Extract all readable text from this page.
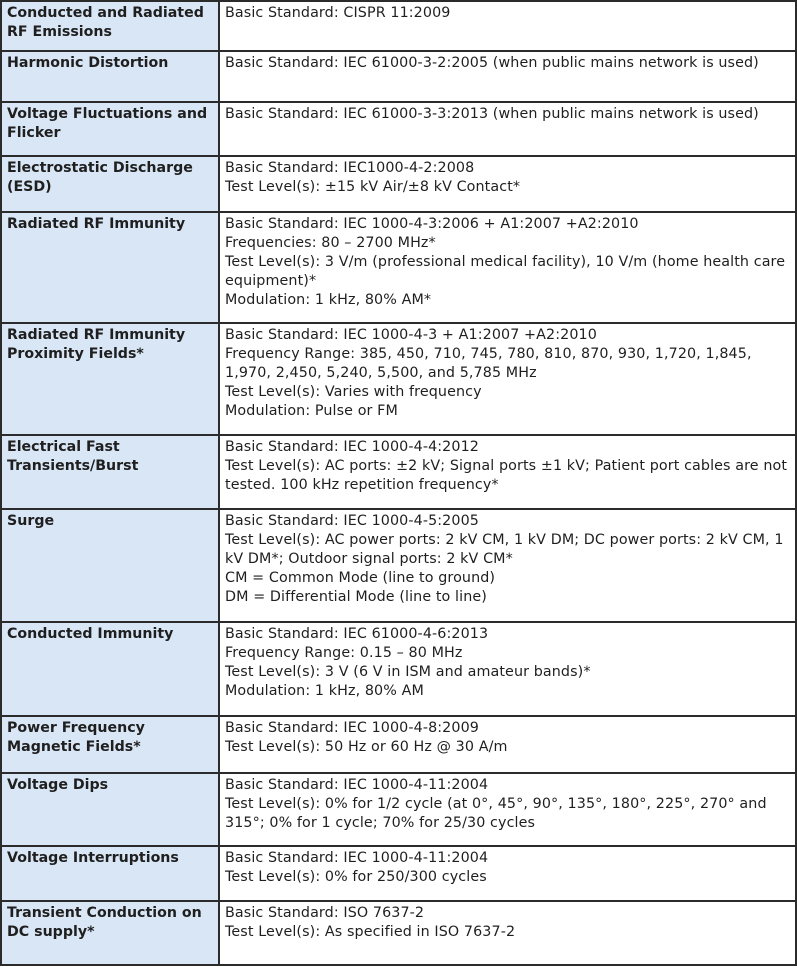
Conducted and Radiated RF Emissions	Basic Standard: CISPR 11:2009

Harmonic Distortion	Basic Standard: IEC 61000-3-2:2005 (when public mains network is used)

Voltage Fluctuations and Flicker	Basic Standard: IEC 61000-3-3:2013 (when public mains network is used)

Electrostatic Discharge (ESD)	Basic Standard: IEC1000-4-2:2008
Test Level(s): ±15 kV Air/±8 kV Contact*

Radiated RF Immunity	Basic Standard: IEC 1000-4-3:2006 + A1:2007 +A2:2010
Frequencies: 80 – 2700 MHz*
Test Level(s): 3 V/m (professional medical facility), 10 V/m (home health care equipment)*
Modulation: 1 kHz, 80% AM*

Radiated RF Immunity Proximity Fields*	Basic Standard: IEC 1000-4-3 + A1:2007 +A2:2010
Frequency Range: 385, 450, 710, 745, 780, 810, 870, 930, 1,720, 1,845, 1,970, 2,450, 5,240, 5,500, and 5,785 MHz
Test Level(s): Varies with frequency
Modulation: Pulse or FM

Electrical Fast Transients/Burst	Basic Standard: IEC 1000-4-4:2012
Test Level(s): AC ports: ±2 kV; Signal ports ±1 kV; Patient port cables are not tested. 100 kHz repetition frequency*

Surge	Basic Standard: IEC 1000-4-5:2005
Test Level(s): AC power ports: 2 kV CM, 1 kV DM; DC power ports: 2 kV CM, 1 kV DM*; Outdoor signal ports: 2 kV CM*
CM = Common Mode (line to ground)
DM = Differential Mode (line to line)

Conducted Immunity	Basic Standard: IEC 61000-4-6:2013
Frequency Range: 0.15 – 80 MHz
Test Level(s): 3 V (6 V in ISM and amateur bands)*
Modulation: 1 kHz, 80% AM

Power Frequency Magnetic Fields*	Basic Standard: IEC 1000-4-8:2009
Test Level(s): 50 Hz or 60 Hz @ 30 A/m

Voltage Dips	Basic Standard: IEC 1000-4-11:2004
Test Level(s): 0% for 1/2 cycle (at 0°, 45°, 90°, 135°, 180°, 225°, 270° and 315°; 0% for 1 cycle; 70% for 25/30 cycles

Voltage Interruptions	Basic Standard: IEC 1000-4-11:2004
Test Level(s): 0% for 250/300 cycles

Transient Conduction on DC supply*	Basic Standard: ISO 7637-2
Test Level(s): As specified in ISO 7637-2
